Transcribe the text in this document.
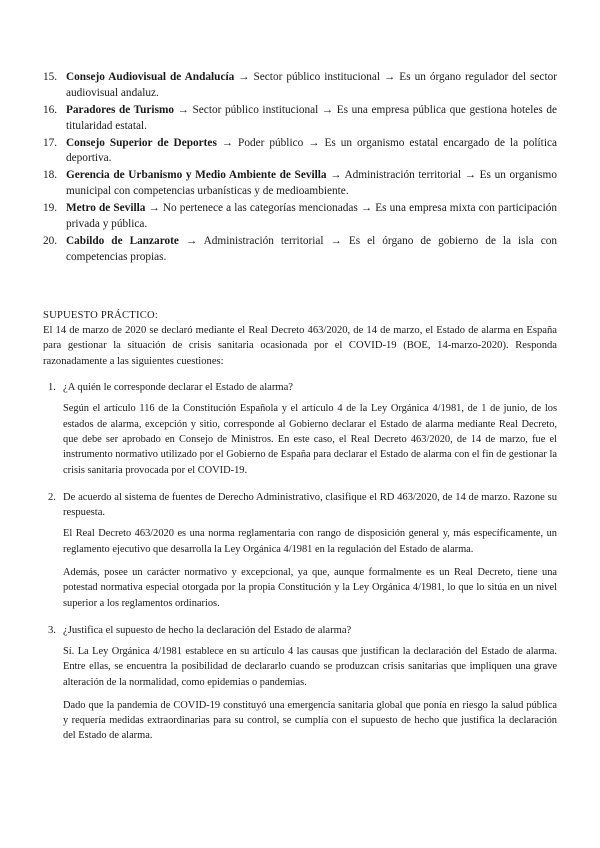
15. Consejo Audiovisual de Andalucía → Sector público institucional → Es un órgano regulador del sector audiovisual andaluz.
16. Paradores de Turismo → Sector público institucional → Es una empresa pública que gestiona hoteles de titularidad estatal.
17. Consejo Superior de Deportes → Poder público → Es un organismo estatal encargado de la política deportiva.
18. Gerencia de Urbanismo y Medio Ambiente de Sevilla → Administración territorial → Es un organismo municipal con competencias urbanísticas y de medioambiente.
19. Metro de Sevilla → No pertenece a las categorías mencionadas → Es una empresa mixta con participación privada y pública.
20. Cabildo de Lanzarote → Administración territorial → Es el órgano de gobierno de la isla con competencias propias.
SUPUESTO PRÁCTICO:
El 14 de marzo de 2020 se declaró mediante el Real Decreto 463/2020, de 14 de marzo, el Estado de alarma en España para gestionar la situación de crisis sanitaria ocasionada por el COVID-19 (BOE, 14-marzo-2020). Responda razonadamente a las siguientes cuestiones:
1. ¿A quién le corresponde declarar el Estado de alarma?
Según el artículo 116 de la Constitución Española y el artículo 4 de la Ley Orgánica 4/1981, de 1 de junio, de los estados de alarma, excepción y sitio, corresponde al Gobierno declarar el Estado de alarma mediante Real Decreto, que debe ser aprobado en Consejo de Ministros. En este caso, el Real Decreto 463/2020, de 14 de marzo, fue el instrumento normativo utilizado por el Gobierno de España para declarar el Estado de alarma con el fin de gestionar la crisis sanitaria provocada por el COVID-19.
2. De acuerdo al sistema de fuentes de Derecho Administrativo, clasifique el RD 463/2020, de 14 de marzo. Razone su respuesta.
El Real Decreto 463/2020 es una norma reglamentaria con rango de disposición general y, más específicamente, un reglamento ejecutivo que desarrolla la Ley Orgánica 4/1981 en la regulación del Estado de alarma.
Además, posee un carácter normativo y excepcional, ya que, aunque formalmente es un Real Decreto, tiene una potestad normativa especial otorgada por la propia Constitución y la Ley Orgánica 4/1981, lo que lo sitúa en un nivel superior a los reglamentos ordinarios.
3. ¿Justifica el supuesto de hecho la declaración del Estado de alarma?
Sí. La Ley Orgánica 4/1981 establece en su artículo 4 las causas que justifican la declaración del Estado de alarma. Entre ellas, se encuentra la posibilidad de declararlo cuando se produzcan crisis sanitarias que impliquen una grave alteración de la normalidad, como epidemias o pandemias.
Dado que la pandemia de COVID-19 constituyó una emergencia sanitaria global que ponía en riesgo la salud pública y requería medidas extraordinarias para su control, se cumplía con el supuesto de hecho que justifica la declaración del Estado de alarma.
